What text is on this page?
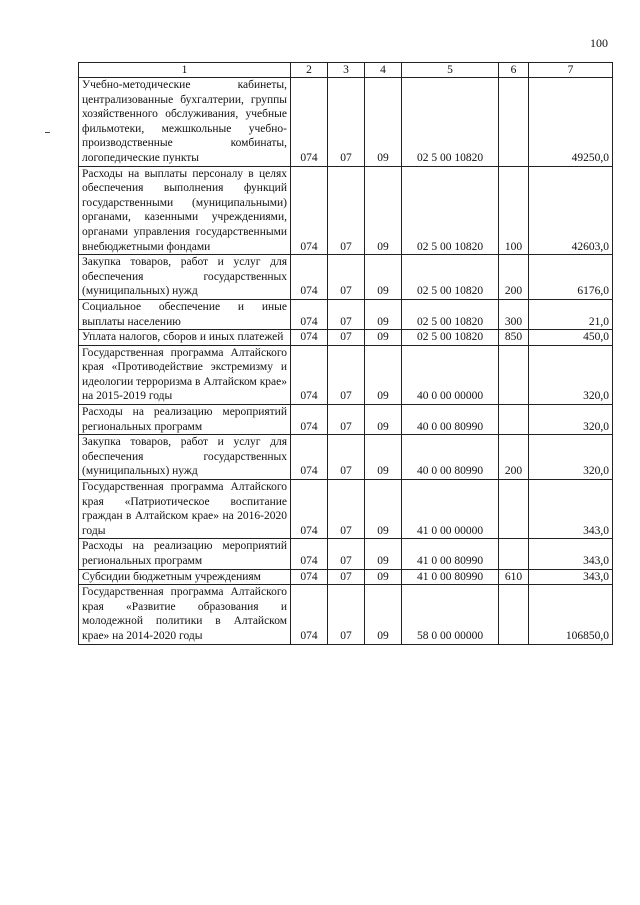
100
1	2	3	4	5	6	7
Учебно-методические кабинеты, централизованные бухгалтерии, группы хозяйственного обслуживания, учебные фильмотеки, межшкольные учебно-производственные комбинаты, логопедические пункты	074	07	09	02 5 00 10820		49250,0
Расходы на выплаты персоналу в целях обеспечения выполнения функций государственными (муниципальными) органами, казенными учреждениями, органами управления государственными внебюджетными фондами	074	07	09	02 5 00 10820	100	42603,0
Закупка товаров, работ и услуг для обеспечения государственных (муниципальных) нужд	074	07	09	02 5 00 10820	200	6176,0
Социальное обеспечение и иные выплаты населению	074	07	09	02 5 00 10820	300	21,0
Уплата налогов, сборов и иных платежей	074	07	09	02 5 00 10820	850	450,0
Государственная программа Алтайского края «Противодействие экстремизму и идеологии терроризма в Алтайском крае» на 2015-2019 годы	074	07	09	40 0 00 00000		320,0
Расходы на реализацию мероприятий региональных программ	074	07	09	40 0 00 80990		320,0
Закупка товаров, работ и услуг для обеспечения государственных (муниципальных) нужд	074	07	09	40 0 00 80990	200	320,0
Государственная программа Алтайского края «Патриотическое воспитание граждан в Алтайском крае» на 2016-2020 годы	074	07	09	41 0 00 00000		343,0
Расходы на реализацию мероприятий региональных программ	074	07	09	41 0 00 80990		343,0
Субсидии бюджетным учреждениям	074	07	09	41 0 00 80990	610	343,0
Государственная программа Алтайского края «Развитие образования и молодежной политики в Алтайском крае» на 2014-2020 годы	074	07	09	58 0 00 00000		106850,0
